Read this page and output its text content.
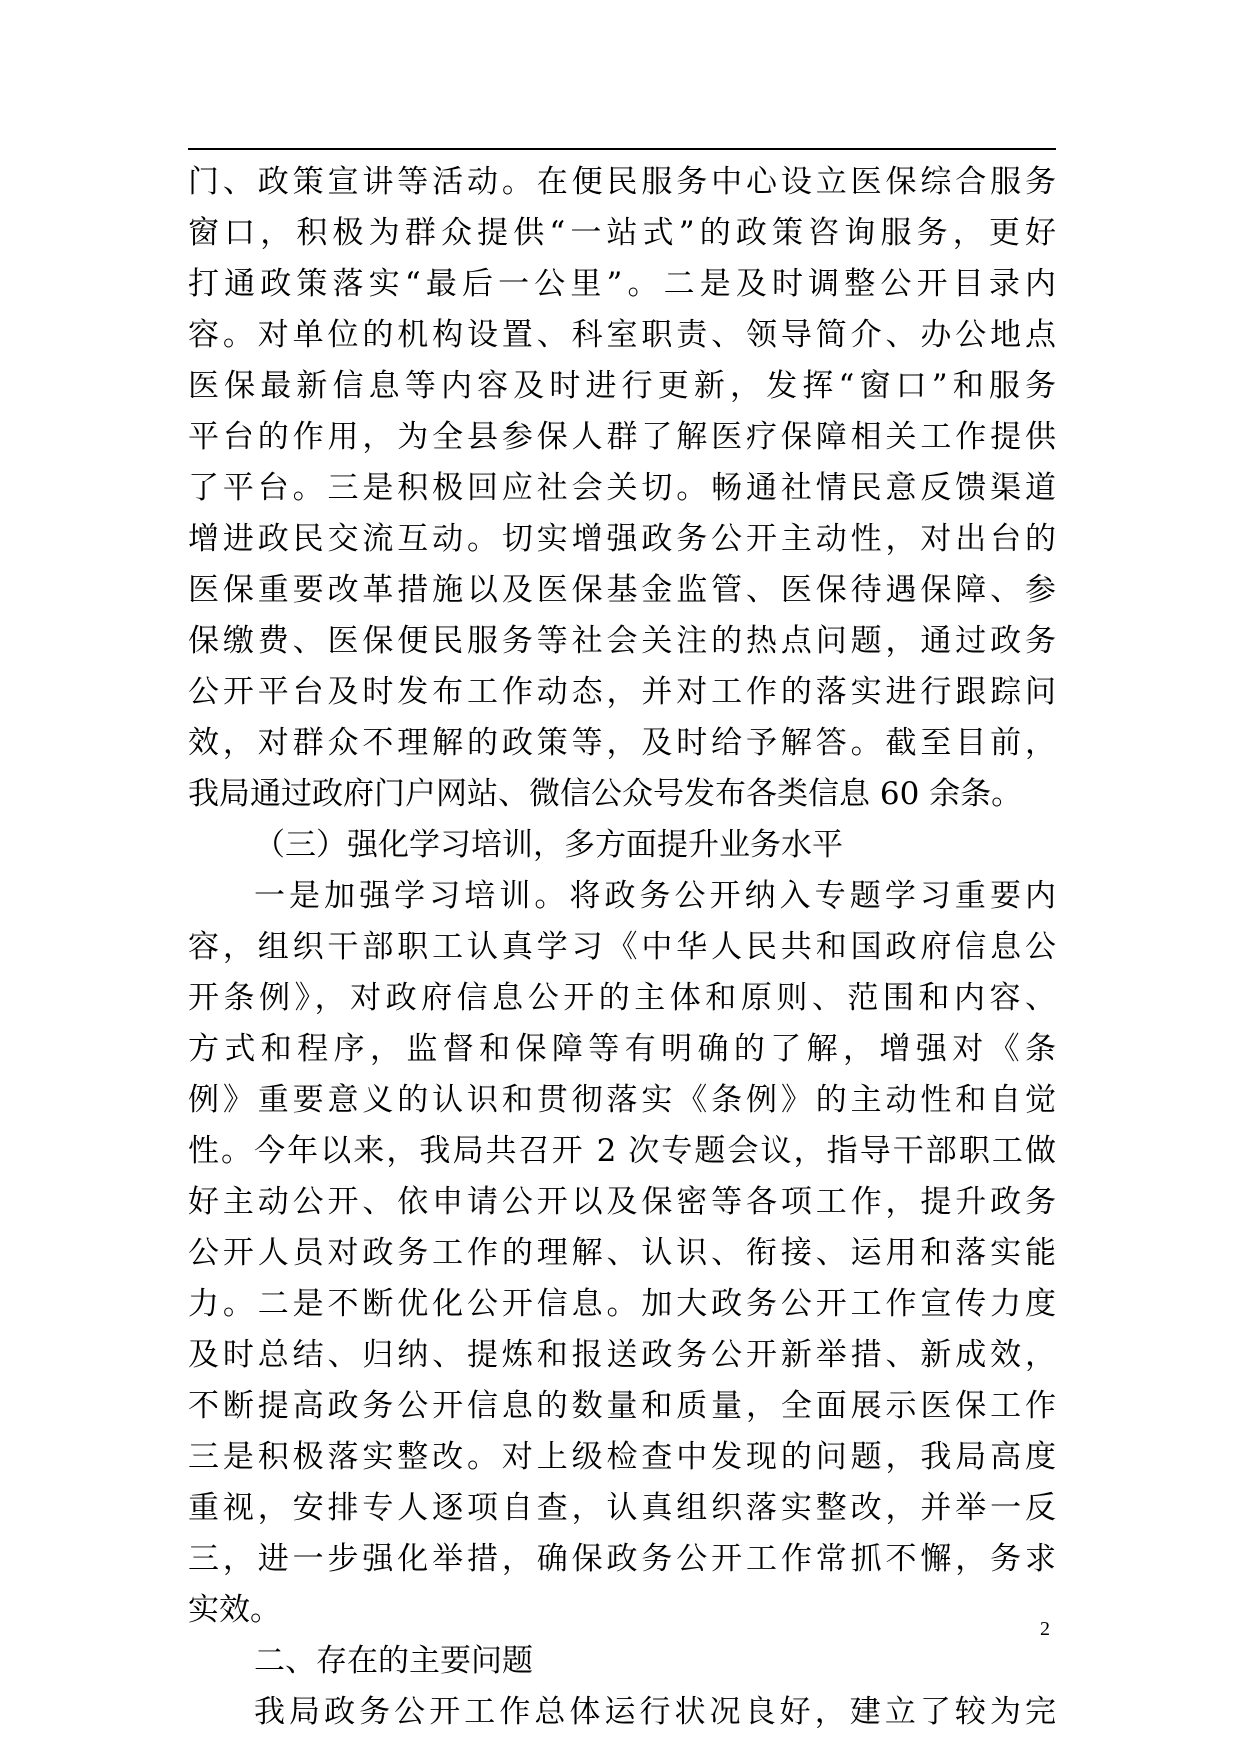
门、政策宣讲等活动。在便民服务中心设立医保综合服务
窗口，积极为群众提供“一站式”的政策咨询服务，更好
打通政策落实“最后一公里”。二是及时调整公开目录内
容。对单位的机构设置、科室职责、领导简介、办公地点
医保最新信息等内容及时进行更新，发挥“窗口”和服务
平台的作用，为全县参保人群了解医疗保障相关工作提供
了平台。三是积极回应社会关切。畅通社情民意反馈渠道
增进政民交流互动。切实增强政务公开主动性，对出台的
医保重要改革措施以及医保基金监管、医保待遇保障、参
保缴费、医保便民服务等社会关注的热点问题，通过政务
公开平台及时发布工作动态，并对工作的落实进行跟踪问
效，对群众不理解的政策等，及时给予解答。截至目前，
我局通过政府门户网站、微信公众号发布各类信息 60 余条。
（三）强化学习培训，多方面提升业务水平
一是加强学习培训。将政务公开纳入专题学习重要内
容，组织干部职工认真学习《中华人民共和国政府信息公
开条例》，对政府信息公开的主体和原则、范围和内容、
方式和程序，监督和保障等有明确的了解，增强对《条
例》重要意义的认识和贯彻落实《条例》的主动性和自觉
性。今年以来，我局共召开 2 次专题会议，指导干部职工做
好主动公开、依申请公开以及保密等各项工作，提升政务
公开人员对政务工作的理解、认识、衔接、运用和落实能
力。二是不断优化公开信息。加大政务公开工作宣传力度
及时总结、归纳、提炼和报送政务公开新举措、新成效，
不断提高政务公开信息的数量和质量，全面展示医保工作
三是积极落实整改。对上级检查中发现的问题，我局高度
重视，安排专人逐项自查，认真组织落实整改，并举一反
三，进一步强化举措，确保政务公开工作常抓不懈，务求
实效。
二、存在的主要问题
我局政务公开工作总体运行状况良好，建立了较为完
2
